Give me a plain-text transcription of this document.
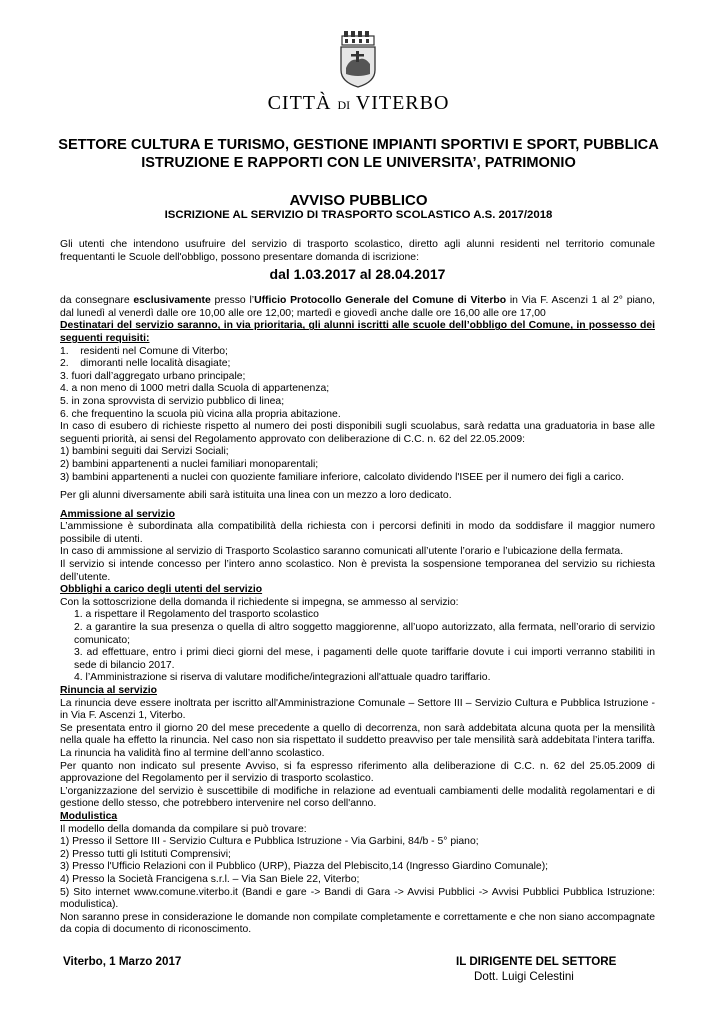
CITTÀ DI VITERBO
SETTORE CULTURA E TURISMO, GESTIONE IMPIANTI SPORTIVI E SPORT, PUBBLICA ISTRUZIONE E RAPPORTI CON LE UNIVERSITA’, PATRIMONIO
AVVISO PUBBLICO
ISCRIZIONE AL SERVIZIO DI TRASPORTO SCOLASTICO A.S. 2017/2018

Gli utenti che intendono usufruire del servizio di trasporto scolastico, diretto agli alunni residenti nel territorio comunale frequentanti le Scuole dell'obbligo, possono presentare domanda di iscrizione:

dal 1.03.2017 al 28.04.2017

da consegnare esclusivamente presso l’Ufficio Protocollo Generale del Comune di Viterbo in Via F. Ascenzi 1 al 2° piano, dal lunedì al venerdì dalle ore 10,00 alle ore 12,00; martedì e giovedì anche dalle ore 16,00 alle ore 17,00

Destinatari del servizio saranno, in via prioritaria, gli alunni iscritti alle scuole dell’obbligo del Comune, in possesso dei seguenti requisiti:

1.    residenti nel Comune di Viterbo;

2.    dimoranti nelle località disagiate;

3. fuori dall’aggregato urbano principale;

4. a non meno di 1000 metri dalla Scuola di appartenenza;

5. in zona sprovvista di servizio pubblico di linea;

6. che frequentino la scuola più vicina alla propria abitazione.

In caso di esubero di richieste rispetto al numero dei posti disponibili sugli scuolabus, sarà redatta una graduatoria in base alle seguenti priorità, ai sensi del Regolamento approvato con deliberazione di C.C. n. 62 del 22.05.2009:

1) bambini seguiti dai Servizi Sociali;

2) bambini appartenenti a nuclei familiari monoparentali;

3) bambini appartenenti a nuclei con quoziente familiare inferiore, calcolato dividendo l'ISEE per il numero dei figli a carico.

Per gli alunni diversamente abili sarà istituita una linea con un mezzo a loro dedicato.

Ammissione al servizio

L’ammissione è subordinata alla compatibilità della richiesta con i percorsi definiti in modo da soddisfare il maggior numero possibile di utenti.

In caso di ammissione al servizio di Trasporto Scolastico saranno comunicati all’utente l’orario e l’ubicazione della fermata.

Il servizio si intende concesso per l’intero anno scolastico. Non è prevista la sospensione temporanea del servizio su richiesta dell’utente.

Obblighi a carico degli utenti del servizio

Con la sottoscrizione della domanda il richiedente si impegna, se ammesso al servizio:

1. a rispettare il Regolamento del trasporto scolastico

2. a garantire la sua presenza o quella di altro soggetto maggiorenne, all’uopo autorizzato, alla fermata, nell’orario di servizio comunicato;

3. ad effettuare, entro i primi dieci giorni del mese, i pagamenti delle quote tariffarie dovute i cui importi verranno stabiliti in sede di bilancio 2017.

4. l’Amministrazione si riserva di valutare modifiche/integrazioni all'attuale quadro tariffario.

Rinuncia al servizio

La rinuncia deve essere inoltrata per iscritto all'Amministrazione Comunale – Settore III – Servizio Cultura e Pubblica Istruzione - in Via F. Ascenzi 1, Viterbo.

Se presentata entro il giorno 20 del mese precedente a quello di decorrenza, non sarà addebitata alcuna quota per la mensilità nella quale ha effetto la rinuncia. Nel caso non sia rispettato il suddetto preavviso per tale mensilità sarà addebitata l’intera tariffa. La rinuncia ha validità fino al termine dell’anno scolastico.

Per quanto non indicato sul presente Avviso, si fa espresso riferimento alla deliberazione di C.C. n. 62 del 25.05.2009 di approvazione del Regolamento per il servizio di trasporto scolastico.

L’organizzazione del servizio è suscettibile di modifiche in relazione ad eventuali cambiamenti delle modalità regolamentari e di gestione dello stesso, che potrebbero intervenire nel corso dell'anno.

Modulistica

Il modello della domanda da compilare si può trovare:

1) Presso il Settore III - Servizio Cultura e Pubblica Istruzione - Via Garbini, 84/b - 5° piano;

2) Presso tutti gli Istituti Comprensivi;

3) Presso l'Ufficio Relazioni con il Pubblico (URP), Piazza del Plebiscito,14 (Ingresso Giardino Comunale);

4) Presso la Società Francigena s.r.l. – Via San Biele 22, Viterbo;

5) Sito internet www.comune.viterbo.it (Bandi e gare -> Bandi di Gara -> Avvisi Pubblici -> Avvisi Pubblici Pubblica Istruzione: modulistica).

Non saranno prese in considerazione le domande non compilate completamente e correttamente e che non siano accompagnate da copia di documento di riconoscimento.

Viterbo, 1 Marzo 2017	IL DIRIGENTE DEL SETTORE
Dott. Luigi Celestini
